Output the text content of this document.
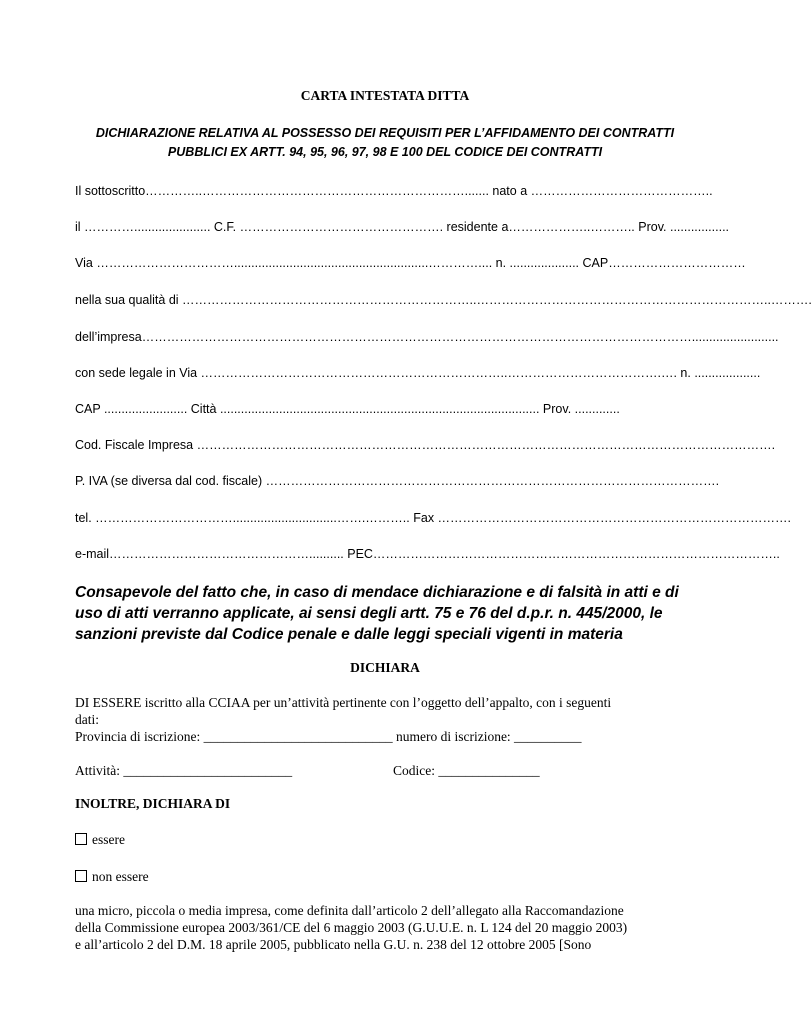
CARTA INTESTATA DITTA
DICHIARAZIONE RELATIVA AL POSSESSO DEI REQUISITI PER L’AFFIDAMENTO DEI CONTRATTI
PUBBLICI EX ARTT. 94, 95, 96, 97, 98 E 100 DEL CODICE DEI CONTRATTI
Il sottoscritto…………..………………………………………………………....... nato a ……………………………………..
il …………...................... C.F. …………………………………………. residente a………………..……….. Prov. .................
Via ……………………………........................................................………….... n. .................... CAP……………………………
nella sua qualità di ……………………………………………………………..……………………………………………………………..……….
dell’impresa…………………………………………………………………………………………………………………….........................
con sede legale in Via ………………………………………………………………..……………………………….…. n. ...................
CAP ........................ Città ............................................................................................ Prov. .............
Cod. Fiscale Impresa ………………………………………………………………………………………………………………………….
P. IVA (se diversa dal cod. fiscale) ……………………………………………………………………………………………….
tel. ……………………………..............................…….……….. Fax ………………………………………………………………………….
e-mail………………………………………….......... PEC……………………………………………………………………………………..
Consapevole del fatto che, in caso di mendace dichiarazione e di falsità in atti e di
uso di atti verranno applicate, ai sensi degli artt. 75 e 76 del d.p.r. n. 445/2000, le
sanzioni previste dal Codice penale e dalle leggi speciali vigenti in materia
DICHIARA
DI ESSERE iscritto alla CCIAA per un’attività pertinente con l’oggetto dell’appalto, con i seguenti
dati:
Provincia di iscrizione: ____________________________ numero di iscrizione: __________
Attività: _________________________	Codice: _______________
INOLTRE, DICHIARA DI
essere
non essere
una micro, piccola o media impresa, come definita dall’articolo 2 dell’allegato alla Raccomandazione
della Commissione europea 2003/361/CE del 6 maggio 2003 (G.U.U.E. n. L 124 del 20 maggio 2003)
e all’articolo 2 del D.M. 18 aprile 2005, pubblicato nella G.U. n. 238 del 12 ottobre 2005 [Sono
